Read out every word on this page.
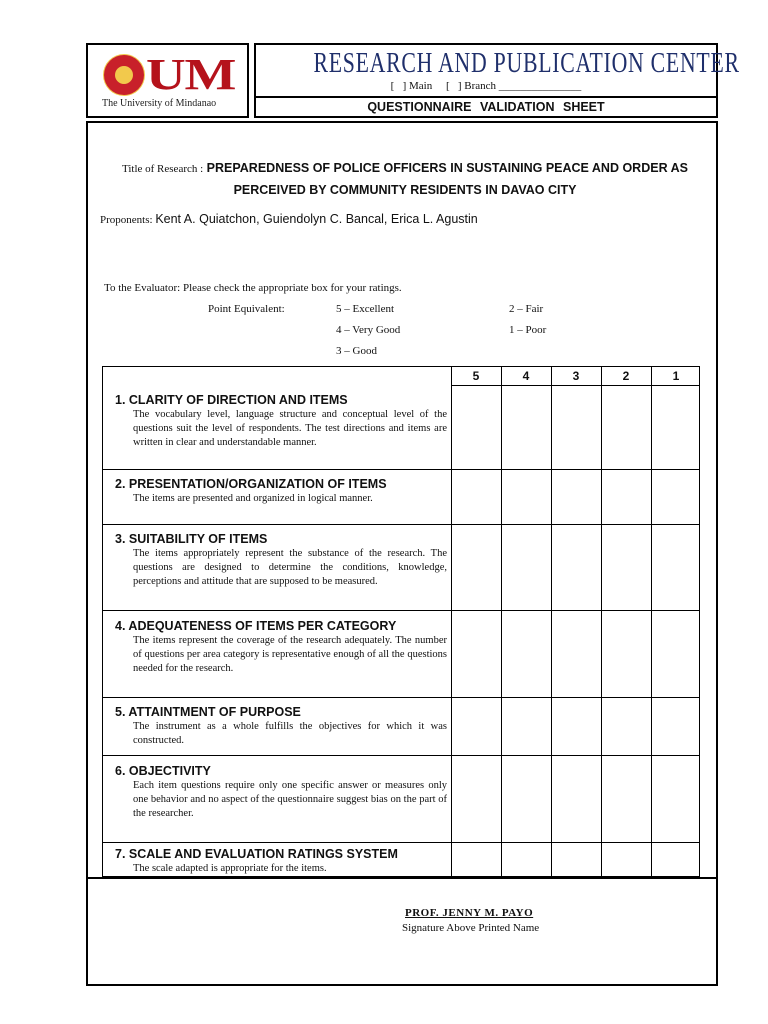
UM
The University of Mindanao
RESEARCH AND PUBLICATION CENTER
[   ] Main     [   ] Branch _______________
QUESTIONNAIRE VALIDATION SHEET
Title of Research : PREPAREDNESS OF POLICE OFFICERS IN SUSTAINING PEACE AND ORDER AS PERCEIVED BY COMMUNITY RESIDENTS IN DAVAO CITY
Proponents: Kent A. Quiatchon, Guiendolyn C. Bancal, Erica L. Agustin
To the Evaluator: Please check the appropriate box for your ratings.
Point Equivalent:	5 – Excellent
4 – Very Good
3 – Good
2 – Fair
1 – Poor
5	4	3	2	1
1. CLARITY OF DIRECTION AND ITEMS
The vocabulary level, language structure and conceptual level of the questions suit the level of respondents. The test directions and items are written in clear and understandable manner.
2. PRESENTATION/ORGANIZATION OF ITEMS
The items are presented and organized in logical manner.
3. SUITABILITY OF ITEMS
The items appropriately represent the substance of the research. The questions are designed to determine the conditions, knowledge, perceptions and attitude that are supposed to be measured.
4. ADEQUATENESS OF ITEMS PER CATEGORY
The items represent the coverage of the research adequately. The number of questions per area category is representative enough of all the questions needed for the research.
5. ATTAINTMENT OF PURPOSE
The instrument as a whole fulfills the objectives for which it was constructed.
6. OBJECTIVITY
Each item questions require only one specific answer or measures only one behavior and no aspect of the questionnaire suggest bias on the part of the researcher.
7. SCALE AND EVALUATION RATINGS SYSTEM
The scale adapted is appropriate for the items.
PROF. JENNY M. PAYO
Signature Above Printed Name
